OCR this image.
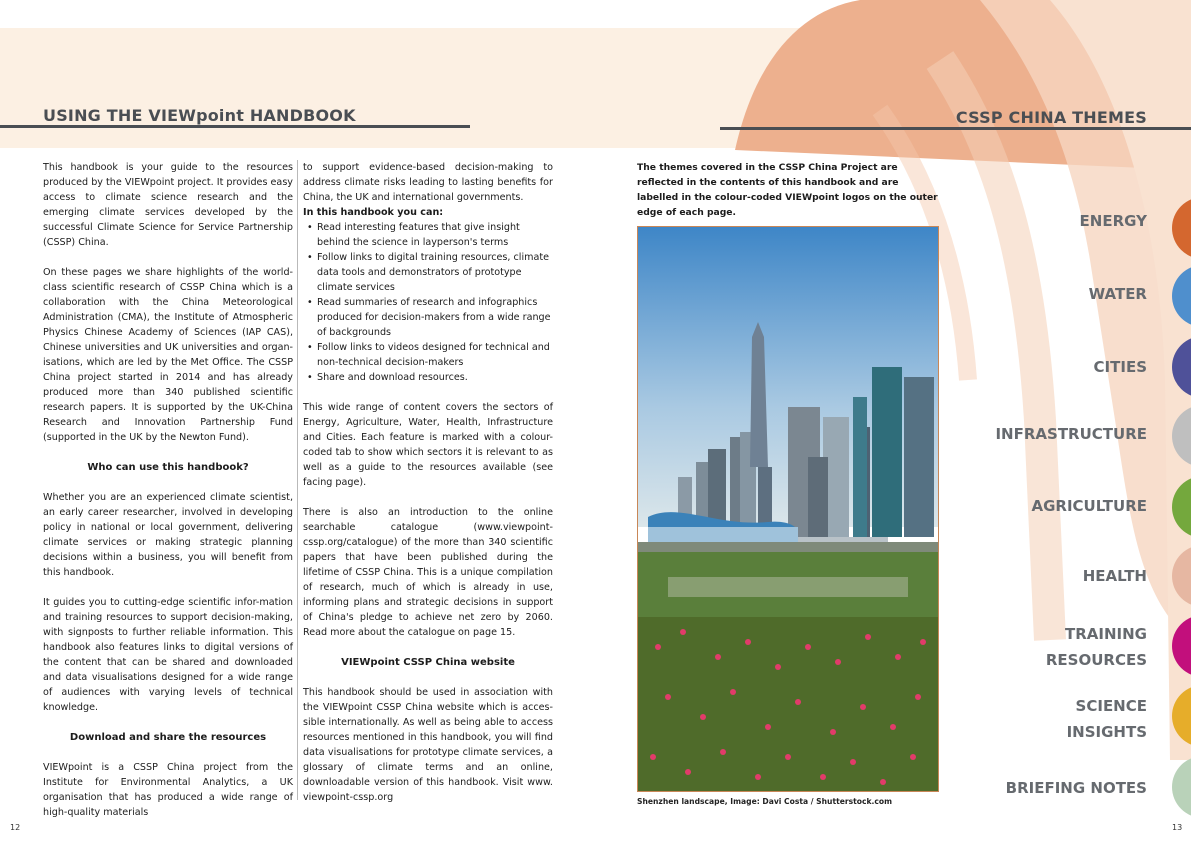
USING THE VIEWpoint HANDBOOK

This handbook is your guide to the resources produced by the VIEWpoint project. It provides easy access to climate science research and the emerging climate services developed by the successful Climate Science for Service Partnership (CSSP) China.

On these pages we share highlights of the world-class scientific research of CSSP China which is a collaboration with the China Meteorological Administration (CMA), the Institute of Atmospheric Physics Chinese Academy of Sciences (IAP CAS), Chinese universities and UK universities and organ-isations, which are led by the Met Office. The CSSP China project started in 2014 and has already produced more than 340 published scientific research papers. It is supported by the UK-China Research and Innovation Partnership Fund (supported in the UK by the Newton Fund).

Who can use this handbook?

Whether you are an experienced climate scientist, an early career researcher, involved in developing policy in national or local government, delivering climate services or making strategic planning decisions within a business, you will benefit from this handbook.

It guides you to cutting-edge scientific infor-mation and training resources to support decision-making, with signposts to further reliable information. This handbook also features links to digital versions of the content that can be shared and downloaded and data visualisations designed for a wide range of audiences with varying levels of technical knowledge.

Download and share the resources

VIEWpoint is a CSSP China project from the Institute for Environmental Analytics, a UK organisation that has produced a wide range of high-quality materials

to support evidence-based decision-making to address climate risks leading to lasting benefits for China, the UK and international governments.

In this handbook you can:

• Read interesting features that give insight behind the science in layperson's terms
• Follow links to digital training resources, climate data tools and demonstrators of prototype climate services
• Read summaries of research and infographics produced for decision-makers from a wide range of backgrounds
• Follow links to videos designed for technical and non-technical decision-makers
• Share and download resources.

This wide range of content covers the sectors of Energy, Agriculture, Water, Health, Infrastructure and Cities. Each feature is marked with a colour-coded tab to show which sectors it is relevant to as well as a guide to the resources available (see facing page).

There is also an introduction to the online searchable catalogue (www.viewpoint-cssp.org/catalogue) of the more than 340 scientific papers that have been published during the lifetime of CSSP China. This is a unique compilation of research, much of which is already in use, informing plans and strategic decisions in support of China's pledge to achieve net zero by 2060. Read more about the catalogue on page 15.

VIEWpoint CSSP China website

This handbook should be used in association with the VIEWpoint CSSP China website which is acces-sible internationally. As well as being able to access resources mentioned in this handbook, you will find data visualisations for prototype climate services, a glossary of climate terms and an online, downloadable version of this handbook. Visit www. viewpoint-cssp.org

12
CSSP CHINA THEMES
The themes covered in the CSSP China Project are reflected in the contents of this handbook and are labelled in the colour-coded VIEWpoint logos on the outer edge of each page.
Shenzhen landscape, Image: Davi Costa / Shutterstock.com
ENERGY
WATER
CITIES
INFRASTRUCTURE
AGRICULTURE
HEALTH
TRAINING
RESOURCES
SCIENCE
INSIGHTS
BRIEFING NOTES
13
